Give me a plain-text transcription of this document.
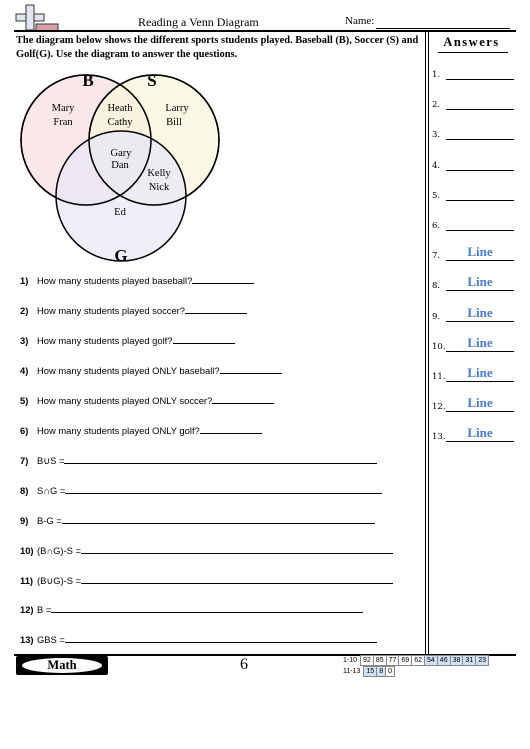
Reading a Venn Diagram	Name:
The diagram below shows the different sports students played. Baseball (B), Soccer (S) and Golf(G). Use the diagram to answer the questions.
B	S
G
Mary
Fran
Heath
Cathy
Larry
Bill
Gary
Dan
Kelly
Nick
Ed
1) How many students played baseball?
2) How many students played soccer?
3) How many students played golf?
4) How many students played ONLY baseball?
5) How many students played ONLY soccer?
6) How many students played ONLY golf?
7) B∪S =
8) S∩G =
9) B-G =
10) (B∩G)-S =
11) (B∪G)-S =
12) B =
13) GBS =
Answers
1.
2.
3.
4.
5.
6.
7.	Line
8.	Line
9.	Line
10.	Line
11.	Line
12.	Line
13.	Line
Math	6	1-10	92	85	77	69	62	54	46	38	31	23
11-13	15	8	0
